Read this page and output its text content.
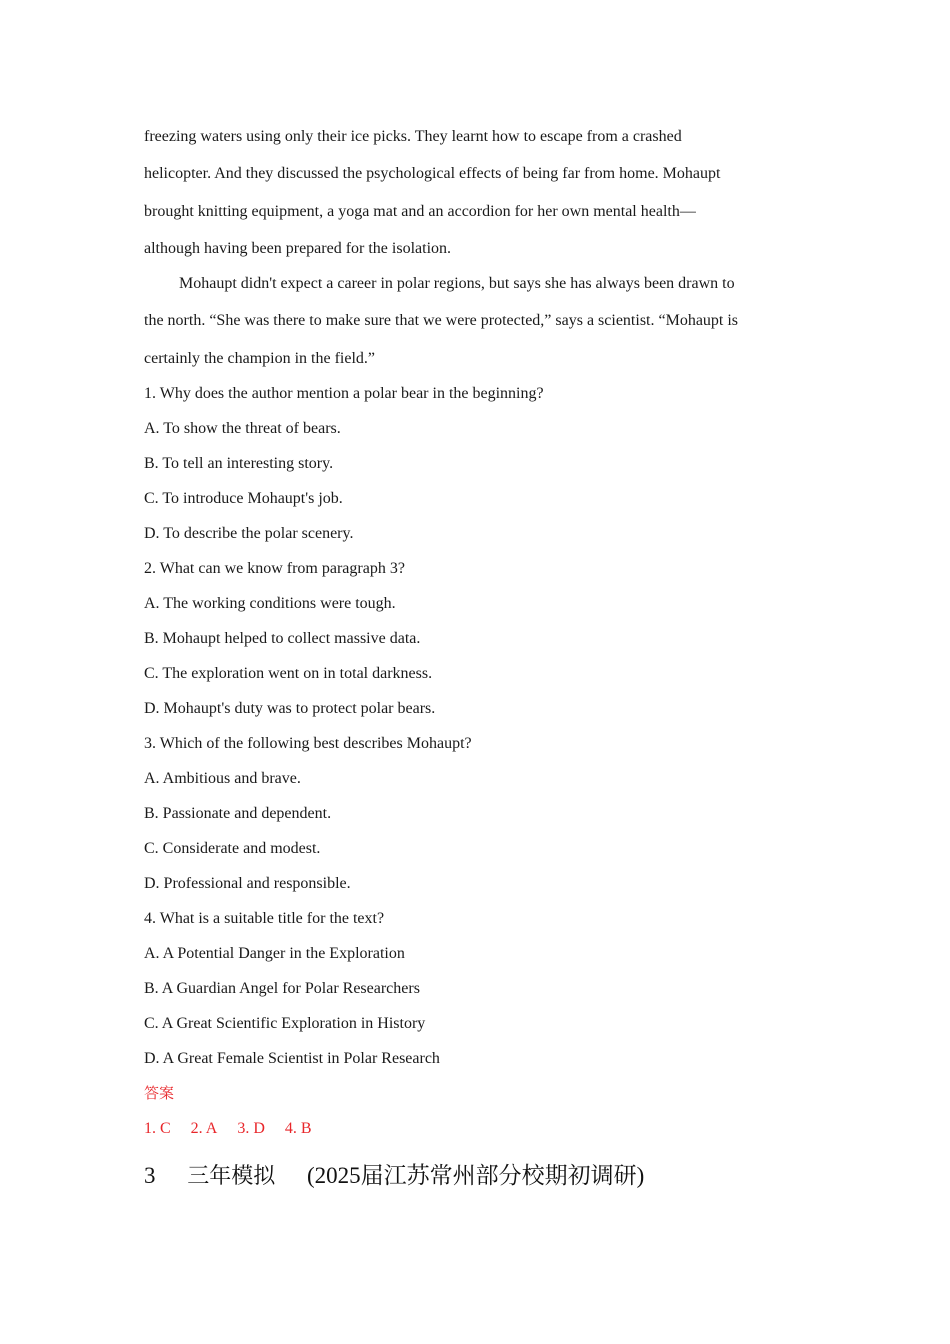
freezing waters using only their ice picks. They learnt how to escape from a crashed
helicopter. And they discussed the psychological effects of being far from home. Mohaupt
brought knitting equipment, a yoga mat and an accordion for her own mental health—
although having been prepared for the isolation.
Mohaupt didn't expect a career in polar regions, but says she has always been drawn to
the north. “She was there to make sure that we were protected,” says a scientist. “Mohaupt is
certainly the champion in the field.”
1. Why does the author mention a polar bear in the beginning?
A. To show the threat of bears.
B. To tell an interesting story.
C. To introduce Mohaupt's job.
D. To describe the polar scenery.
2. What can we know from paragraph 3?
A. The working conditions were tough.
B. Mohaupt helped to collect massive data.
C. The exploration went on in total darkness.
D. Mohaupt's duty was to protect polar bears.
3. Which of the following best describes Mohaupt?
A. Ambitious and brave.
B. Passionate and dependent.
C. Considerate and modest.
D. Professional and responsible.
4. What is a suitable title for the text?
A. A Potential Danger in the Exploration
B. A Guardian Angel for Polar Researchers
C. A Great Scientific Exploration in History
D. A Great Female Scientist in Polar Research
答案
1. C 2. A 3. D 4. B
3 三年模拟 (2025届江苏常州部分校期初调研)
